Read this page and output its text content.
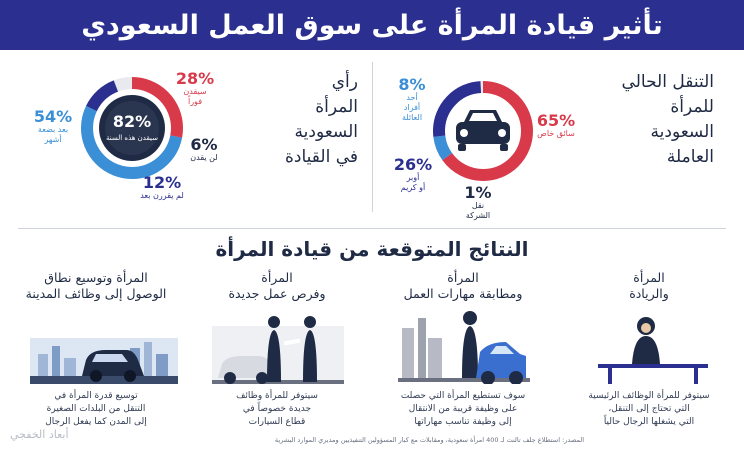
تأثير قيادة المرأة على سوق العمل السعودي
التنقل الحالي
للمرأة
السعودية
العاملة
65%
سائق خاص
8%
أحد
أفراد
العائلة
26%
أوبر
أو كريم	1%
نقل
الشركة
رأي
المرأة
السعودية
في القيادة
82%
سيقدن هذه السنة
28%
سيقدن
فوراً
54%
بعد بضعة
أشهر	6%
لن يقدن
12%
لم يقررن بعد
النتائج المتوقعة من قيادة المرأة
المرأة
والريادة
سيتوفر للمرأة الوظائف الرئيسية
التي تحتاج إلى التنقل،
التي يشغلها الرجال حالياً
المرأة
ومطابقة مهارات العمل
سوف تستطيع المرأة التي حصلت
على وظيفة قريبة من الانتقال
إلى وظيفة تناسب مهاراتها
المرأة
وفرص عمل جديدة
سيتوفر للمرأة وظائف
جديدة خصوصاً في
قطاع السيارات
المرأة وتوسيع نطاق
الوصول إلى وظائف المدينة
توسيع قدرة المرأة في
التنقل من البلدات الصغيرة
إلى المدن كما يفعل الرجال
المصدر: استطلاع جلف تالنت لـ 400 امرأة سعودية، ومقابلات مع كبار المسؤولين التنفيذيين ومديري الموارد البشرية
أبعاد الخفجي
